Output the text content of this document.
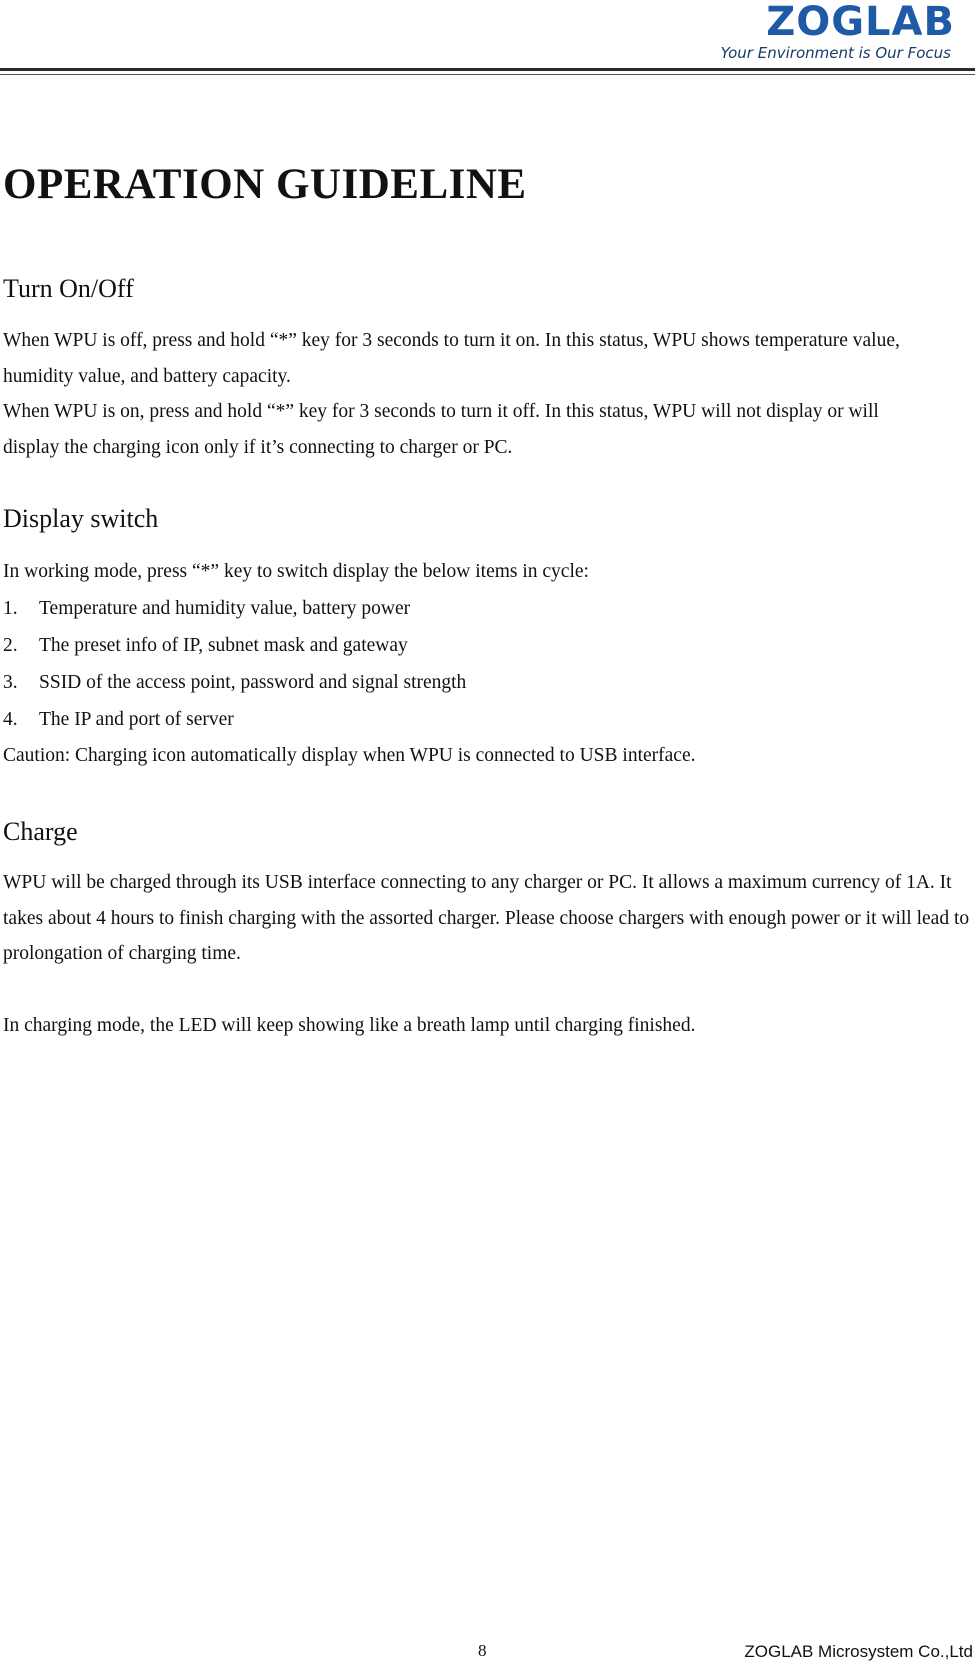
ZOGLAB
Your Environment is Our Focus
OPERATION GUIDELINE
Turn On/Off

When WPU is off, press and hold “*” key for 3 seconds to turn it on. In this status, WPU shows temperature value, humidity value, and battery capacity.

When WPU is on, press and hold “*” key for 3 seconds to turn it off. In this status, WPU will not display or will display the charging icon only if it’s connecting to charger or PC.

Display switch

In working mode, press “*” key to switch display the below items in cycle:

1.	Temperature and humidity value, battery power
2.	The preset info of IP, subnet mask and gateway
3.	SSID of the access point, password and signal strength
4.	The IP and port of server

Caution: Charging icon automatically display when WPU is connected to USB interface.

Charge

WPU will be charged through its USB interface connecting to any charger or PC. It allows a maximum currency of 1A. It takes about 4 hours to finish charging with the assorted charger. Please choose chargers with enough power or it will lead to prolongation of charging time.

In charging mode, the LED will keep showing like a breath lamp until charging finished.

8	ZOGLAB Microsystem Co.,Ltd
